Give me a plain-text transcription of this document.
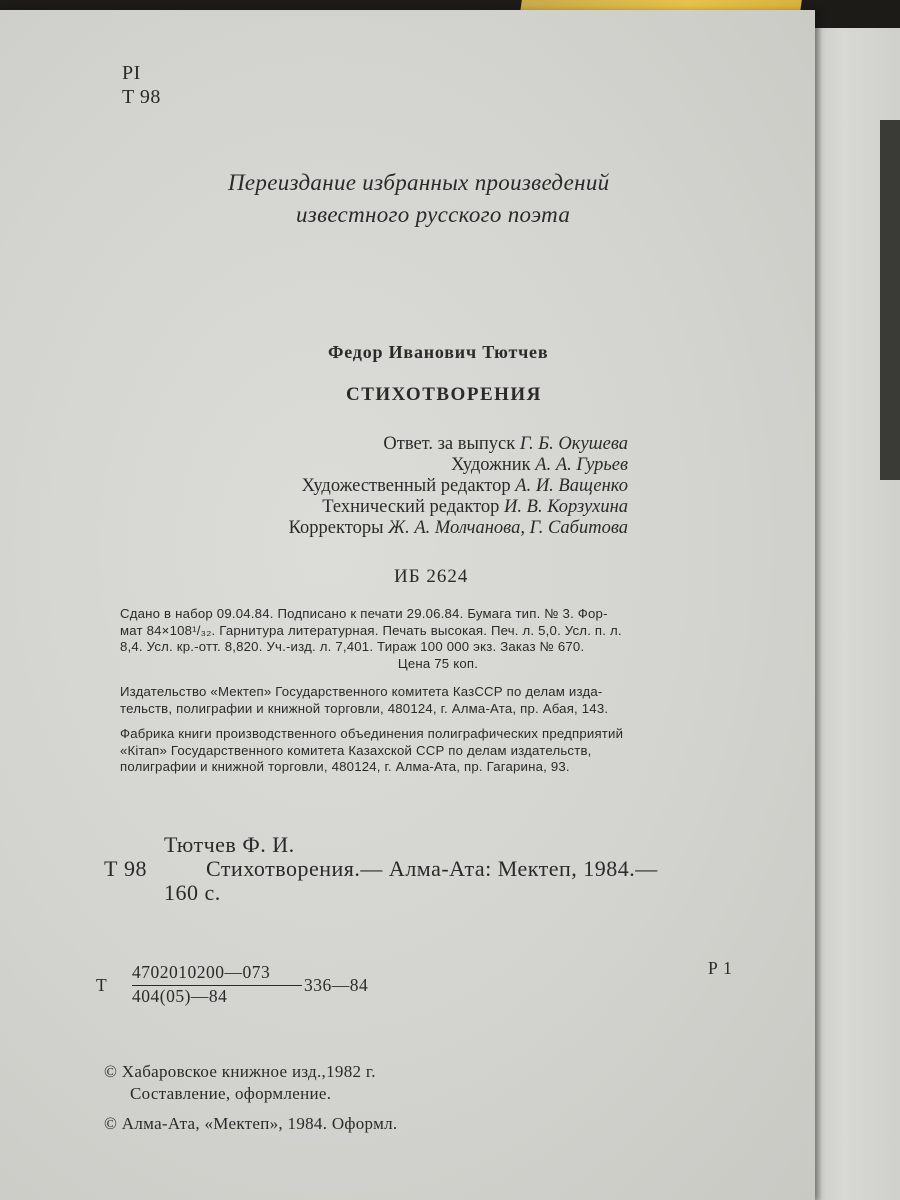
PI

T 98

Переиздание избранных произведений

известного русского поэта

Федор Иванович Тютчев

СТИХОТВОРЕНИЯ

Ответ. за выпуск Г. Б. Окушева
Художник А. А. Гурьев
Художественный редактор А. И. Ващенко
Технический редактор И. В. Корзухина
Корректоры Ж. А. Молчанова, Г. Сабитова

ИБ 2624

Сдано в набор 09.04.84. Подписано к печати 29.06.84. Бумага тип. № 3. Фор-

мат 84×108¹/₃₂. Гарнитура литературная. Печать высокая. Печ. л. 5,0. Усл. п. л.

8,4. Усл. кр.-отт. 8,820. Уч.-изд. л. 7,401. Тираж 100 000 экз. Заказ № 670.

Цена 75 коп.

Издательство «Мектеп» Государственного комитета КазССР по делам изда-

тельств, полиграфии и книжной торговли, 480124, г. Алма-Ата, пр. Абая, 143.

Фабрика книги производственного объединения полиграфических предприятий

«Кітап» Государственного комитета Казахской ССР по делам издательств,

полиграфии и книжной торговли, 480124, г. Алма-Ата, пр. Гагарина, 93.

Тютчев Ф. И.

Т 98	Стихотворения.— Алма-Ата: Мектеп, 1984.—

160 с.

Т

4702010200—073

404(05)—84

336—84

Р 1

© Хабаровское книжное изд.,1982 г.

Составление, оформление.

© Алма-Ата, «Мектеп», 1984. Оформл.
